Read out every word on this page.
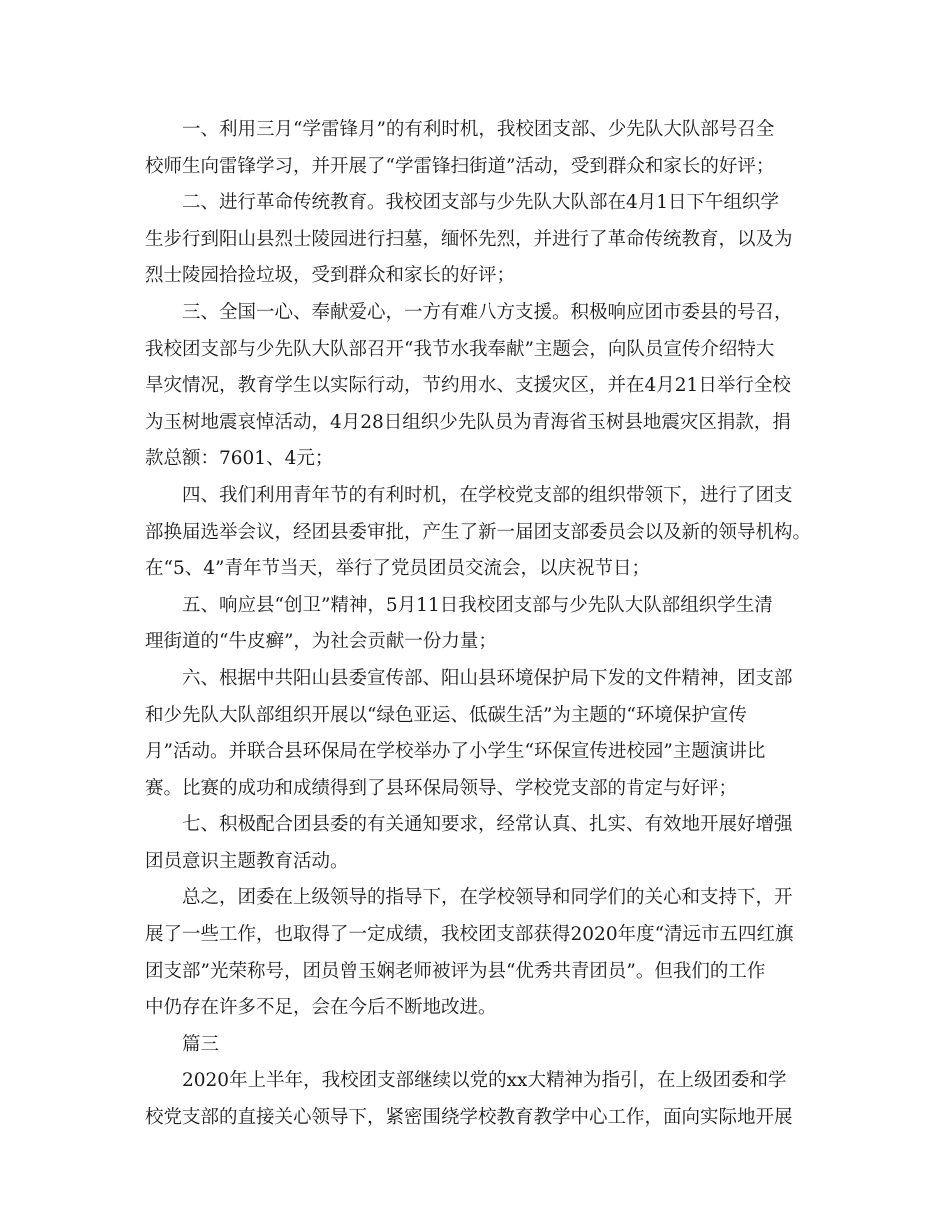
一、利用三月“学雷锋月”的有利时机，我校团支部、少先队大队部号召全
校师生向雷锋学习，并开展了“学雷锋扫街道”活动，受到群众和家长的好评；
二、进行革命传统教育。我校团支部与少先队大队部在4月1日下午组织学
生步行到阳山县烈士陵园进行扫墓，缅怀先烈，并进行了革命传统教育，以及为
烈士陵园拾捡垃圾，受到群众和家长的好评；
三、全国一心、奉献爱心，一方有难八方支援。积极响应团市委县的号召，
我校团支部与少先队大队部召开“我节水我奉献”主题会，向队员宣传介绍特大
旱灾情况，教育学生以实际行动，节约用水、支援灾区，并在4月21日举行全校
为玉树地震哀悼活动，4月28日组织少先队员为青海省玉树县地震灾区捐款，捐
款总额：7601、4元；
四、我们利用青年节的有利时机，在学校党支部的组织带领下，进行了团支
部换届选举会议，经团县委审批，产生了新一届团支部委员会以及新的领导机构。
在“5、4”青年节当天，举行了党员团员交流会，以庆祝节日；
五、响应县“创卫”精神，5月11日我校团支部与少先队大队部组织学生清
理街道的“牛皮癣”，为社会贡献一份力量；
六、根据中共阳山县委宣传部、阳山县环境保护局下发的文件精神，团支部
和少先队大队部组织开展以“绿色亚运、低碳生活”为主题的“环境保护宣传
月”活动。并联合县环保局在学校举办了小学生“环保宣传进校园”主题演讲比
赛。比赛的成功和成绩得到了县环保局领导、学校党支部的肯定与好评；
七、积极配合团县委的有关通知要求，经常认真、扎实、有效地开展好增强
团员意识主题教育活动。
总之，团委在上级领导的指导下，在学校领导和同学们的关心和支持下，开
展了一些工作，也取得了一定成绩，我校团支部获得2020年度“清远市五四红旗
团支部”光荣称号，团员曾玉娴老师被评为县“优秀共青团员”。但我们的工作
中仍存在许多不足，会在今后不断地改进。
篇三
2020年上半年，我校团支部继续以党的xx大精神为指引，在上级团委和学
校党支部的直接关心领导下，紧密围绕学校教育教学中心工作，面向实际地开展
